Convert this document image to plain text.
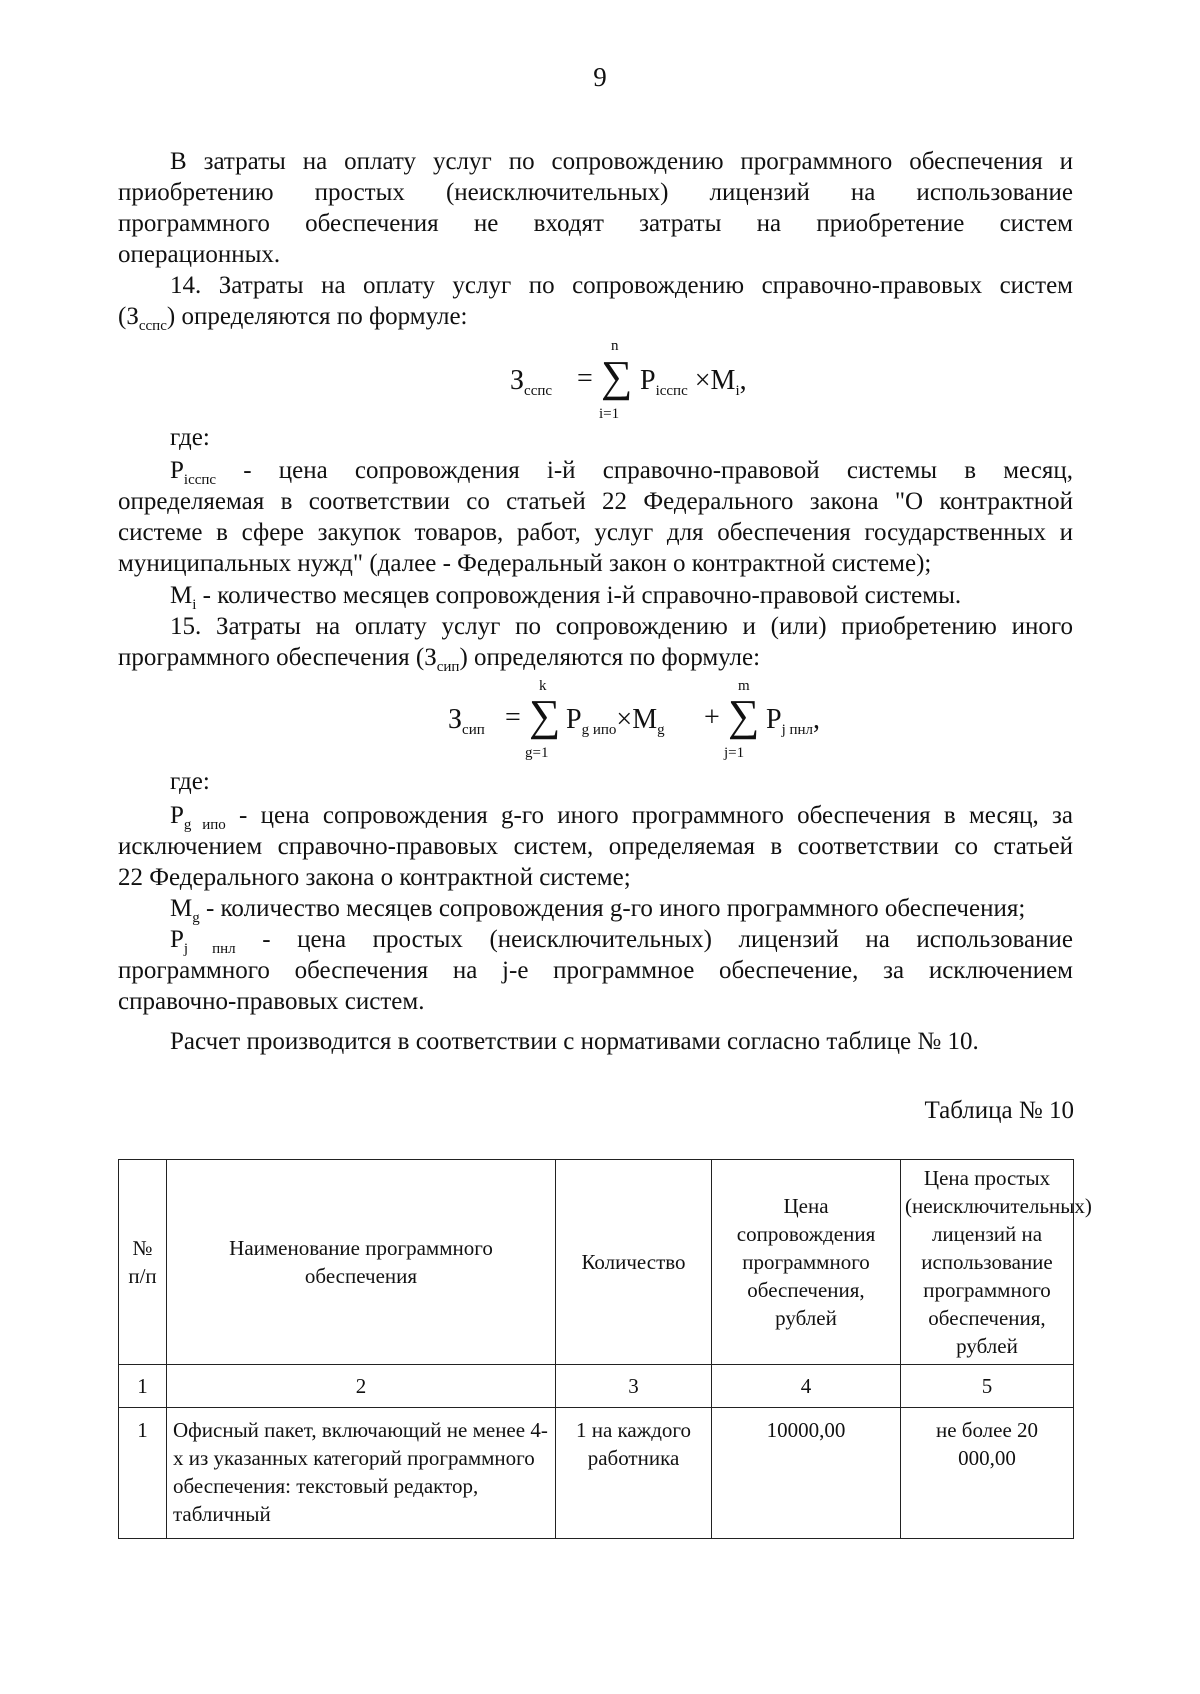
9
В затраты на оплату услуг по сопровождению программного обеспечения и
приобретению простых (неисключительных) лицензий на использование
программного обеспечения не входят затраты на приобретение систем
операционных.
14. Затраты на оплату услуг по сопровождению справочно-правовых систем
$(З_{сспс})$ определяются по формуле:
$З_{сспс}$ =
n
∑
i=1
$P_{iсспс} \times M_i$,
где:
$P_{iсспс}$ - цена сопровождения i-й справочно-правовой системы в месяц,
определяемая в соответствии со статьей 22 Федерального закона "О контрактной
системе в сфере закупок товаров, работ, услуг для обеспечения государственных и
муниципальных нужд" (далее - Федеральный закон о контрактной системе);
$M_i$ - количество месяцев сопровождения i-й справочно-правовой системы.
15. Затраты на оплату услуг по сопровождению и (или) приобретению иного
программного обеспечения $(З_{сип})$ определяются по формуле:
$З_{сип}$ =
k
∑
g=1
$P_{g ипо}\times M_g$ +
m
∑
j=1
$P_{j пнл}$,
где:
$P_{g ипо}$ - цена сопровождения g-го иного программного обеспечения в месяц, за
исключением справочно-правовых систем, определяемая в соответствии со статьей
22 Федерального закона о контрактной системе;
$M_g$ - количество месяцев сопровождения g-го иного программного обеспечения;
$P_{j пнл}$ - цена простых (неисключительных) лицензий на использование
программного обеспечения на j-е программное обеспечение, за исключением
справочно-правовых систем.
Расчет производится в соответствии с нормативами согласно таблице № 10.
Таблица № 10
№ п/п	Наименование программного обеспечения	Количество	Цена сопровождения программного обеспечения, рублей	Цена простых (неисключительных) лицензий на использование программного обеспечения, рублей
1	2	3	4	5
1	Офисный пакет, включающий не менее 4-х из указанных категорий программного обеспечения: текстовый редактор, табличный	1 на каждого работника	10000,00	не более 20 000,00
